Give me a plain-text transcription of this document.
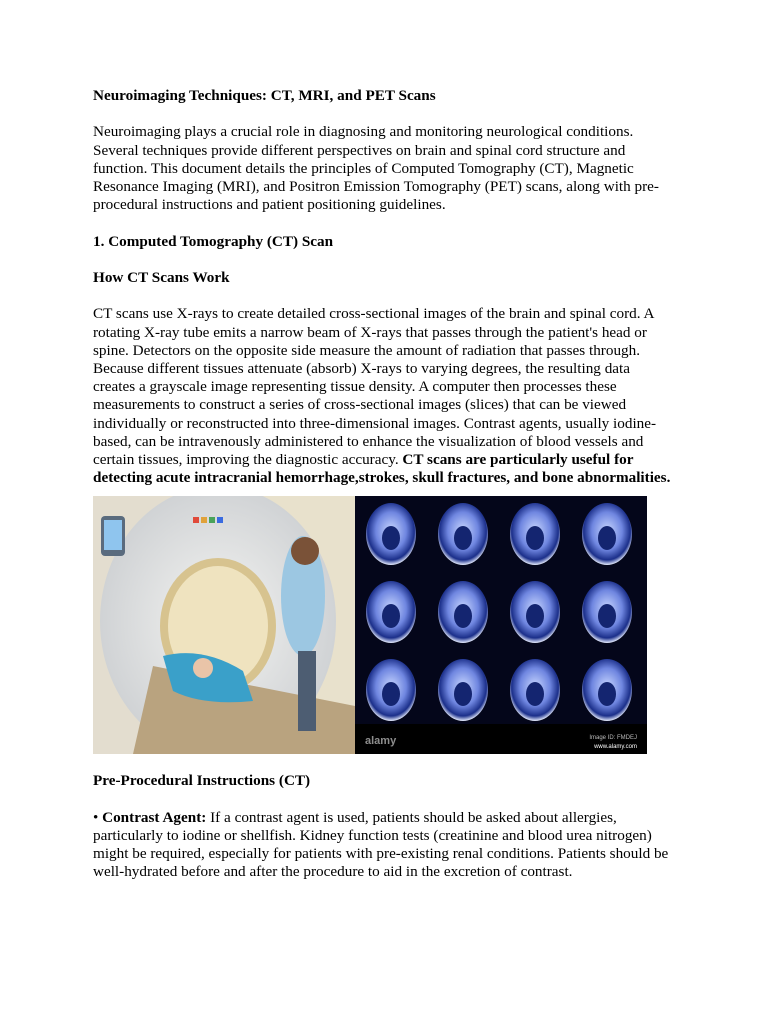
Neuroimaging Techniques: CT, MRI, and PET Scans

Neuroimaging plays a crucial role in diagnosing and monitoring neurological conditions. Several techniques provide different perspectives on brain and spinal cord structure and function. This document details the principles of Computed Tomography (CT), Magnetic Resonance Imaging (MRI), and Positron Emission Tomography (PET) scans, along with pre-procedural instructions and patient positioning guidelines.

1. Computed Tomography (CT) Scan
How CT Scans Work

CT scans use X-rays to create detailed cross-sectional images of the brain and spinal cord. A rotating X-ray tube emits a narrow beam of X-rays that passes through the patient's head or spine. Detectors on the opposite side measure the amount of radiation that passes through. Because different tissues attenuate (absorb) X-rays to varying degrees, the resulting data creates a grayscale image representing tissue density. A computer then processes these measurements to construct a series of cross-sectional images (slices) that can be viewed individually or reconstructed into three-dimensional images. Contrast agents, usually iodine-based, can be intravenously administered to enhance the visualization of blood vessels and certain tissues, improving the diagnostic accuracy. CT scans are particularly useful for detecting acute intracranial hemorrhage,strokes, skull fractures, and bone abnormalities.

alamy	Image ID: FMDEJ
www.alamy.com
Pre-Procedural Instructions (CT)

• Contrast Agent: If a contrast agent is used, patients should be asked about allergies, particularly to iodine or shellfish. Kidney function tests (creatinine and blood urea nitrogen) might be required, especially for patients with pre-existing renal conditions. Patients should be well-hydrated before and after the procedure to aid in the excretion of contrast.
